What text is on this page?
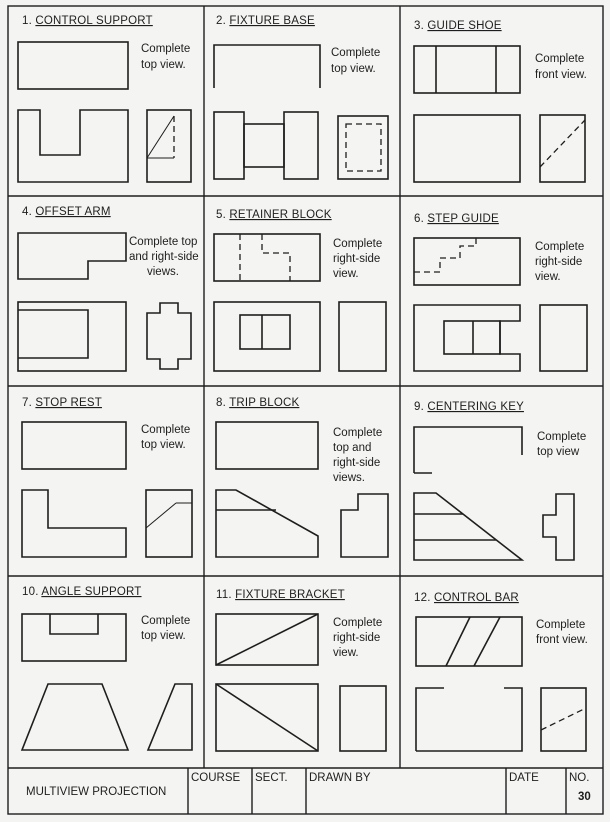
1. CONTROL SUPPORT
Complete top view.
2. FIXTURE BASE
Complete top view.
3. GUIDE SHOE
Complete front view.
4. OFFSET ARM
Complete top and right-side views.
5. RETAINER BLOCK
Complete right-side view.
6. STEP GUIDE
Complete right-side view.
7. STOP REST
Complete top view.
8. TRIP BLOCK
Complete top and right-side views.
9. CENTERING KEY
Complete top view
10. ANGLE SUPPORT
Complete top view.
11. FIXTURE BRACKET
Complete right-side view.
12. CONTROL BAR
Complete front view.
MULTIVIEW PROJECTION
COURSE SECT. DRAWN BY	DATE	NO.
30
